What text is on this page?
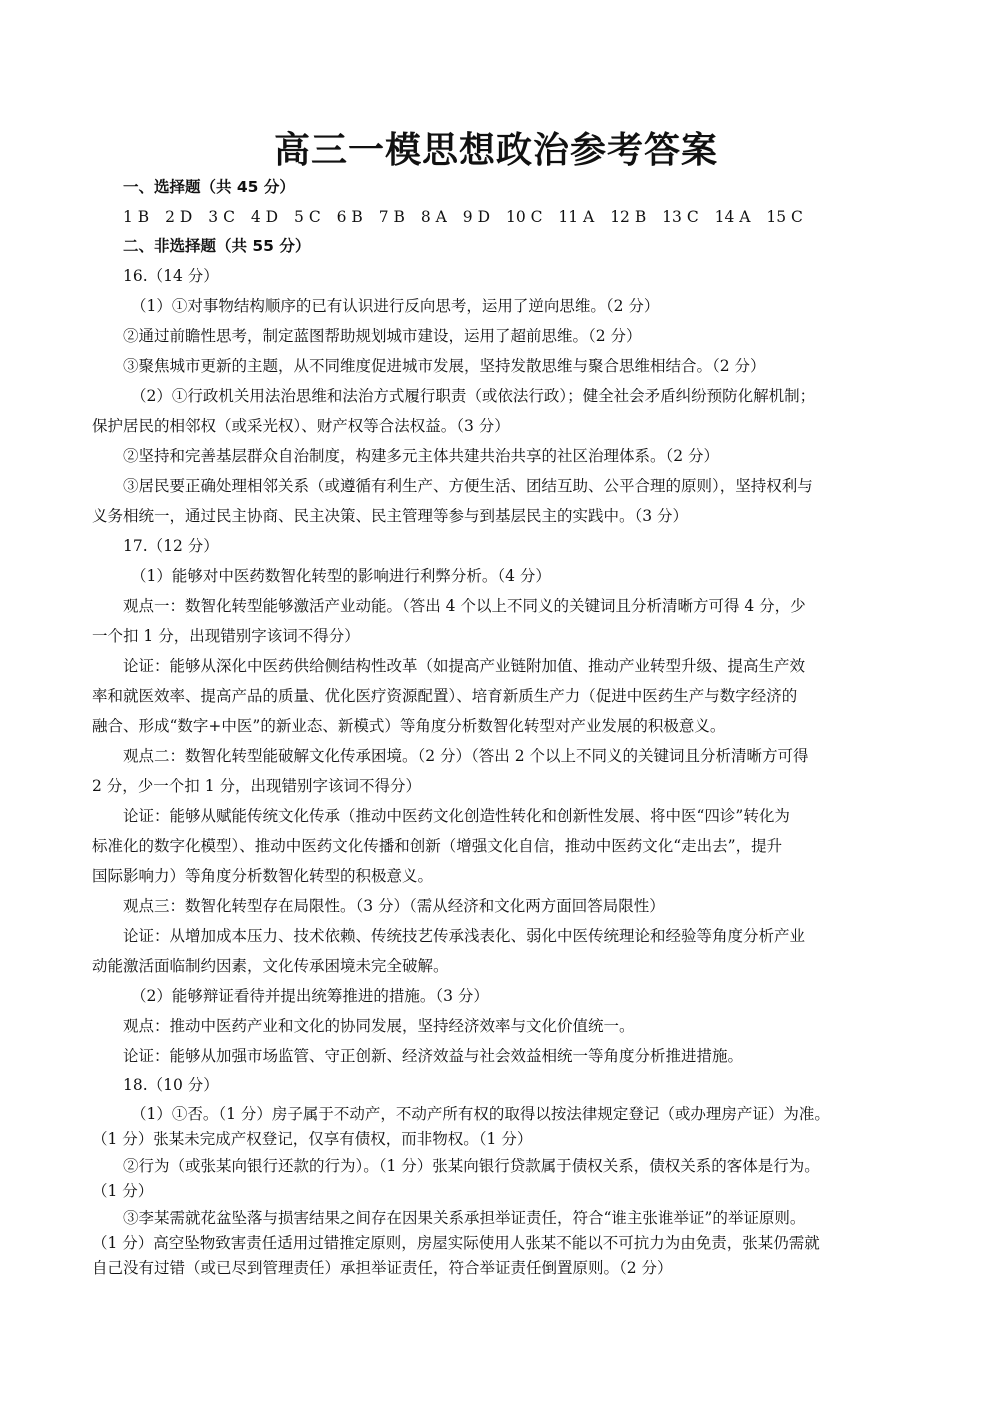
高三一模思想政治参考答案
一、选择题（共 45 分）
1 B 2 D 3 C 4 D 5 C 6 B 7 B 8 A 9 D 10 C 11 A 12 B 13 C 14 A 15 C
二、非选择题（共 55 分）
16.（14 分）
（1）①对事物结构顺序的已有认识进行反向思考，运用了逆向思维。（2 分）
②通过前瞻性思考，制定蓝图帮助规划城市建设，运用了超前思维。（2 分）
③聚焦城市更新的主题，从不同维度促进城市发展，坚持发散思维与聚合思维相结合。（2 分）
（2）①行政机关用法治思维和法治方式履行职责（或依法行政）；健全社会矛盾纠纷预防化解机制；
保护居民的相邻权（或采光权）、财产权等合法权益。（3 分）
②坚持和完善基层群众自治制度，构建多元主体共建共治共享的社区治理体系。（2 分）
③居民要正确处理相邻关系（或遵循有利生产、方便生活、团结互助、公平合理的原则），坚持权利与
义务相统一，通过民主协商、民主决策、民主管理等参与到基层民主的实践中。（3 分）
17.（12 分）
（1）能够对中医药数智化转型的影响进行利弊分析。（4 分）
观点一：数智化转型能够激活产业动能。（答出 4 个以上不同义的关键词且分析清晰方可得 4 分，少
一个扣 1 分，出现错别字该词不得分）
论证：能够从深化中医药供给侧结构性改革（如提高产业链附加值、推动产业转型升级、提高生产效
率和就医效率、提高产品的质量、优化医疗资源配置）、培育新质生产力（促进中医药生产与数字经济的
融合、形成“数字+中医”的新业态、新模式）等角度分析数智化转型对产业发展的积极意义。
观点二：数智化转型能破解文化传承困境。（2 分）（答出 2 个以上不同义的关键词且分析清晰方可得
2 分，少一个扣 1 分，出现错别字该词不得分）
论证：能够从赋能传统文化传承（推动中医药文化创造性转化和创新性发展、将中医“四诊”转化为
标准化的数字化模型）、推动中医药文化传播和创新（增强文化自信，推动中医药文化“走出去”，提升
国际影响力）等角度分析数智化转型的积极意义。
观点三：数智化转型存在局限性。（3 分）（需从经济和文化两方面回答局限性）
论证：从增加成本压力、技术依赖、传统技艺传承浅表化、弱化中医传统理论和经验等角度分析产业
动能激活面临制约因素，文化传承困境未完全破解。
（2）能够辩证看待并提出统筹推进的措施。（3 分）
观点：推动中医药产业和文化的协同发展，坚持经济效率与文化价值统一。
论证：能够从加强市场监管、守正创新、经济效益与社会效益相统一等角度分析推进措施。
18.（10 分）
（1）①否。（1 分）房子属于不动产，不动产所有权的取得以按法律规定登记（或办理房产证）为准。
（1 分）张某未完成产权登记，仅享有债权，而非物权。（1 分）
②行为（或张某向银行还款的行为）。（1 分）张某向银行贷款属于债权关系，债权关系的客体是行为。
（1 分）
③李某需就花盆坠落与损害结果之间存在因果关系承担举证责任，符合“谁主张谁举证”的举证原则。
（1 分）高空坠物致害责任适用过错推定原则，房屋实际使用人张某不能以不可抗力为由免责，张某仍需就
自己没有过错（或已尽到管理责任）承担举证责任，符合举证责任倒置原则。（2 分）
